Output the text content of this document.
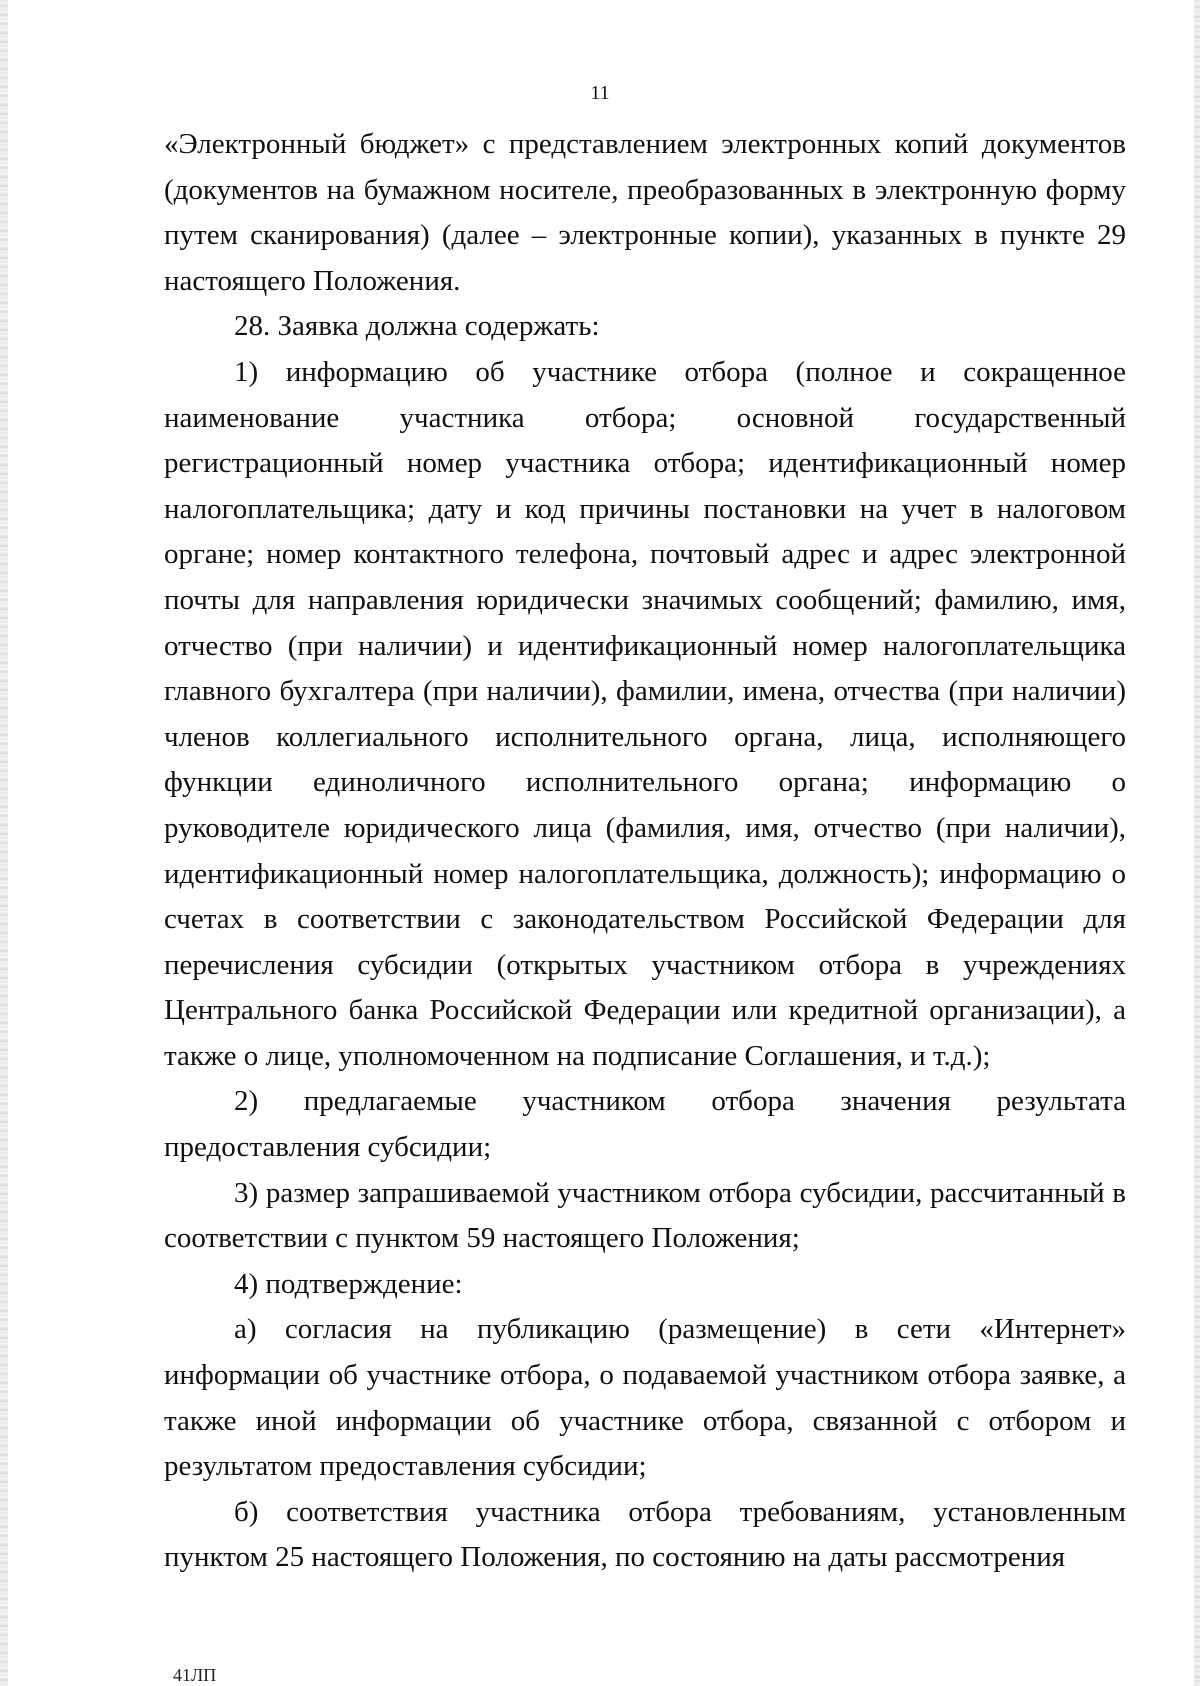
11

«Электронный бюджет» с представлением электронных копий документов (документов на бумажном носителе, преобразованных в электронную форму путем сканирования) (далее – электронные копии), указанных в пункте 29 настоящего Положения.

28. Заявка должна содержать:

1) информацию об участнике отбора (полное и сокращенное наименование участника отбора; основной государственный регистрационный номер участника отбора; идентификационный номер налогоплательщика; дату и код причины постановки на учет в налоговом органе; номер контактного телефона, почтовый адрес и адрес электронной почты для направления юридически значимых сообщений; фамилию, имя, отчество (при наличии) и идентификационный номер налогоплательщика главного бухгалтера (при наличии), фамилии, имена, отчества (при наличии) членов коллегиального исполнительного органа, лица, исполняющего функции единоличного исполнительного органа; информацию о руководителе юридического лица (фамилия, имя, отчество (при наличии), идентификационный номер налогоплательщика, должность); информацию о счетах в соответствии с законодательством Российской Федерации для перечисления субсидии (открытых участником отбора в учреждениях Центрального банка Российской Федерации или кредитной организации), а также о лице, уполномоченном на подписание Соглашения, и т.д.);

2) предлагаемые участником отбора значения результата предоставления субсидии;

3) размер запрашиваемой участником отбора субсидии, рассчитанный в соответствии с пунктом 59 настоящего Положения;

4) подтверждение:

а) согласия на публикацию (размещение) в сети «Интернет» информации об участнике отбора, о подаваемой участником отбора заявке, а также иной информации об участнике отбора, связанной с отбором и результатом предоставления субсидии;

б) соответствия участника отбора требованиям, установленным пунктом 25 настоящего Положения, по состоянию на даты рассмотрения

41ЛП
